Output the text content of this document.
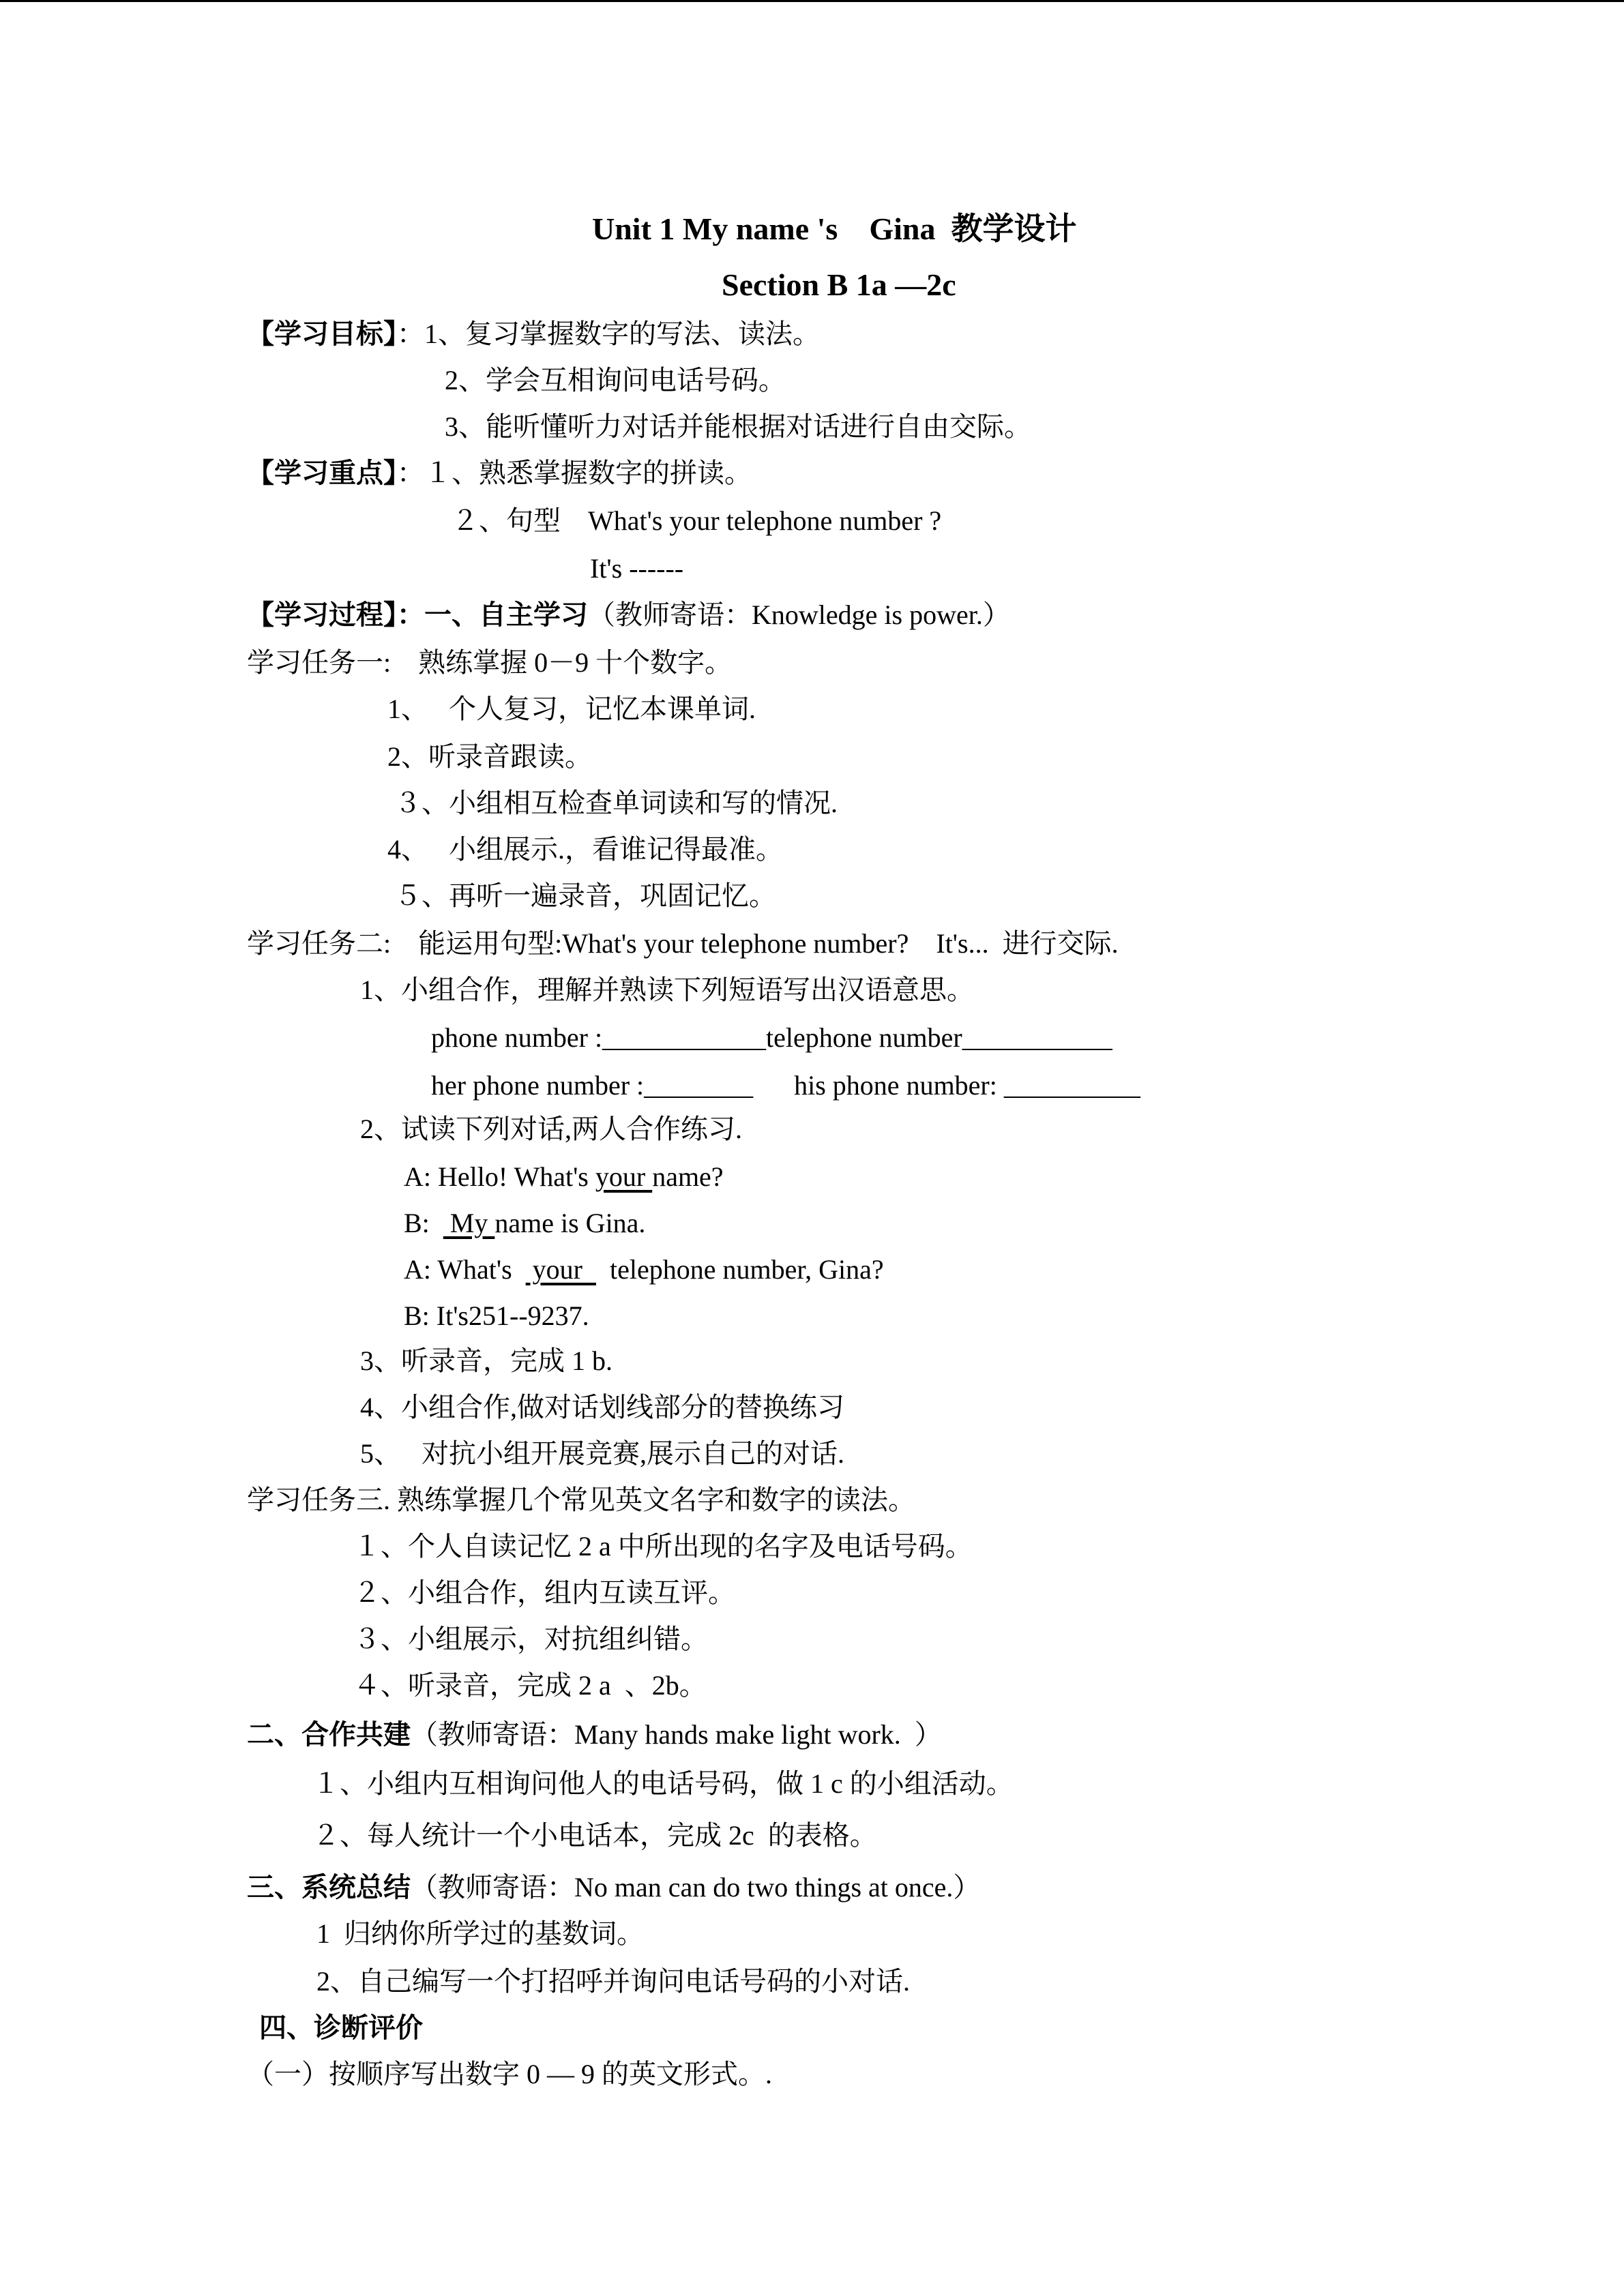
Unit 1 My name 's    Gina  教学设计
Section B 1a —2c
【学习目标】：1、复习掌握数字的写法、读法。
2、学会互相询问电话号码。
3、能听懂听力对话并能根据对话进行自由交际。
【学习重点】：１、熟悉掌握数字的拼读。
２、句型    What's your telephone number ?
It's ------
【学习过程】：一、自主学习（教师寄语：Knowledge is power.）
学习任务一:    熟练掌握 0－9 十个数字。
1、   个人复习，记忆本课单词.
2、听录音跟读。
３、小组相互检查单词读和写的情况.
4、   小组展示.，看谁记得最准。
５、再听一遍录音，巩固记忆。
学习任务二:    能运用句型:What's your telephone number?    It's...  进行交际.
1、小组合作，理解并熟读下列短语写出汉语意思。
phone number :____________telephone number___________
her phone number :________      his phone number: __________
2、试读下列对话,两人合作练习.
A: Hello! What's your name?
B:   My name is Gina.
A: What's   your    telephone number, Gina?
B: It's251--9237.
3、听录音，完成 1 b.
4、小组合作,做对话划线部分的替换练习
5、   对抗小组开展竞赛,展示自己的对话.
学习任务三. 熟练掌握几个常见英文名字和数字的读法。
１、个人自读记忆 2 a 中所出现的名字及电话号码。
２、小组合作，组内互读互评。
３、小组展示，对抗组纠错。
４、听录音，完成 2 a  、2b。
二、合作共建（教师寄语：Many hands make light work.  ）
１、小组内互相询问他人的电话号码，做 1 c 的小组活动。
２、每人统计一个小电话本，完成 2c  的表格。
三、系统总结（教师寄语：No man can do two things at once.）
1  归纳你所学过的基数词。
2、自己编写一个打招呼并询问电话号码的小对话.
四、诊断评价
（一）按顺序写出数字 0 — 9 的英文形式。.
